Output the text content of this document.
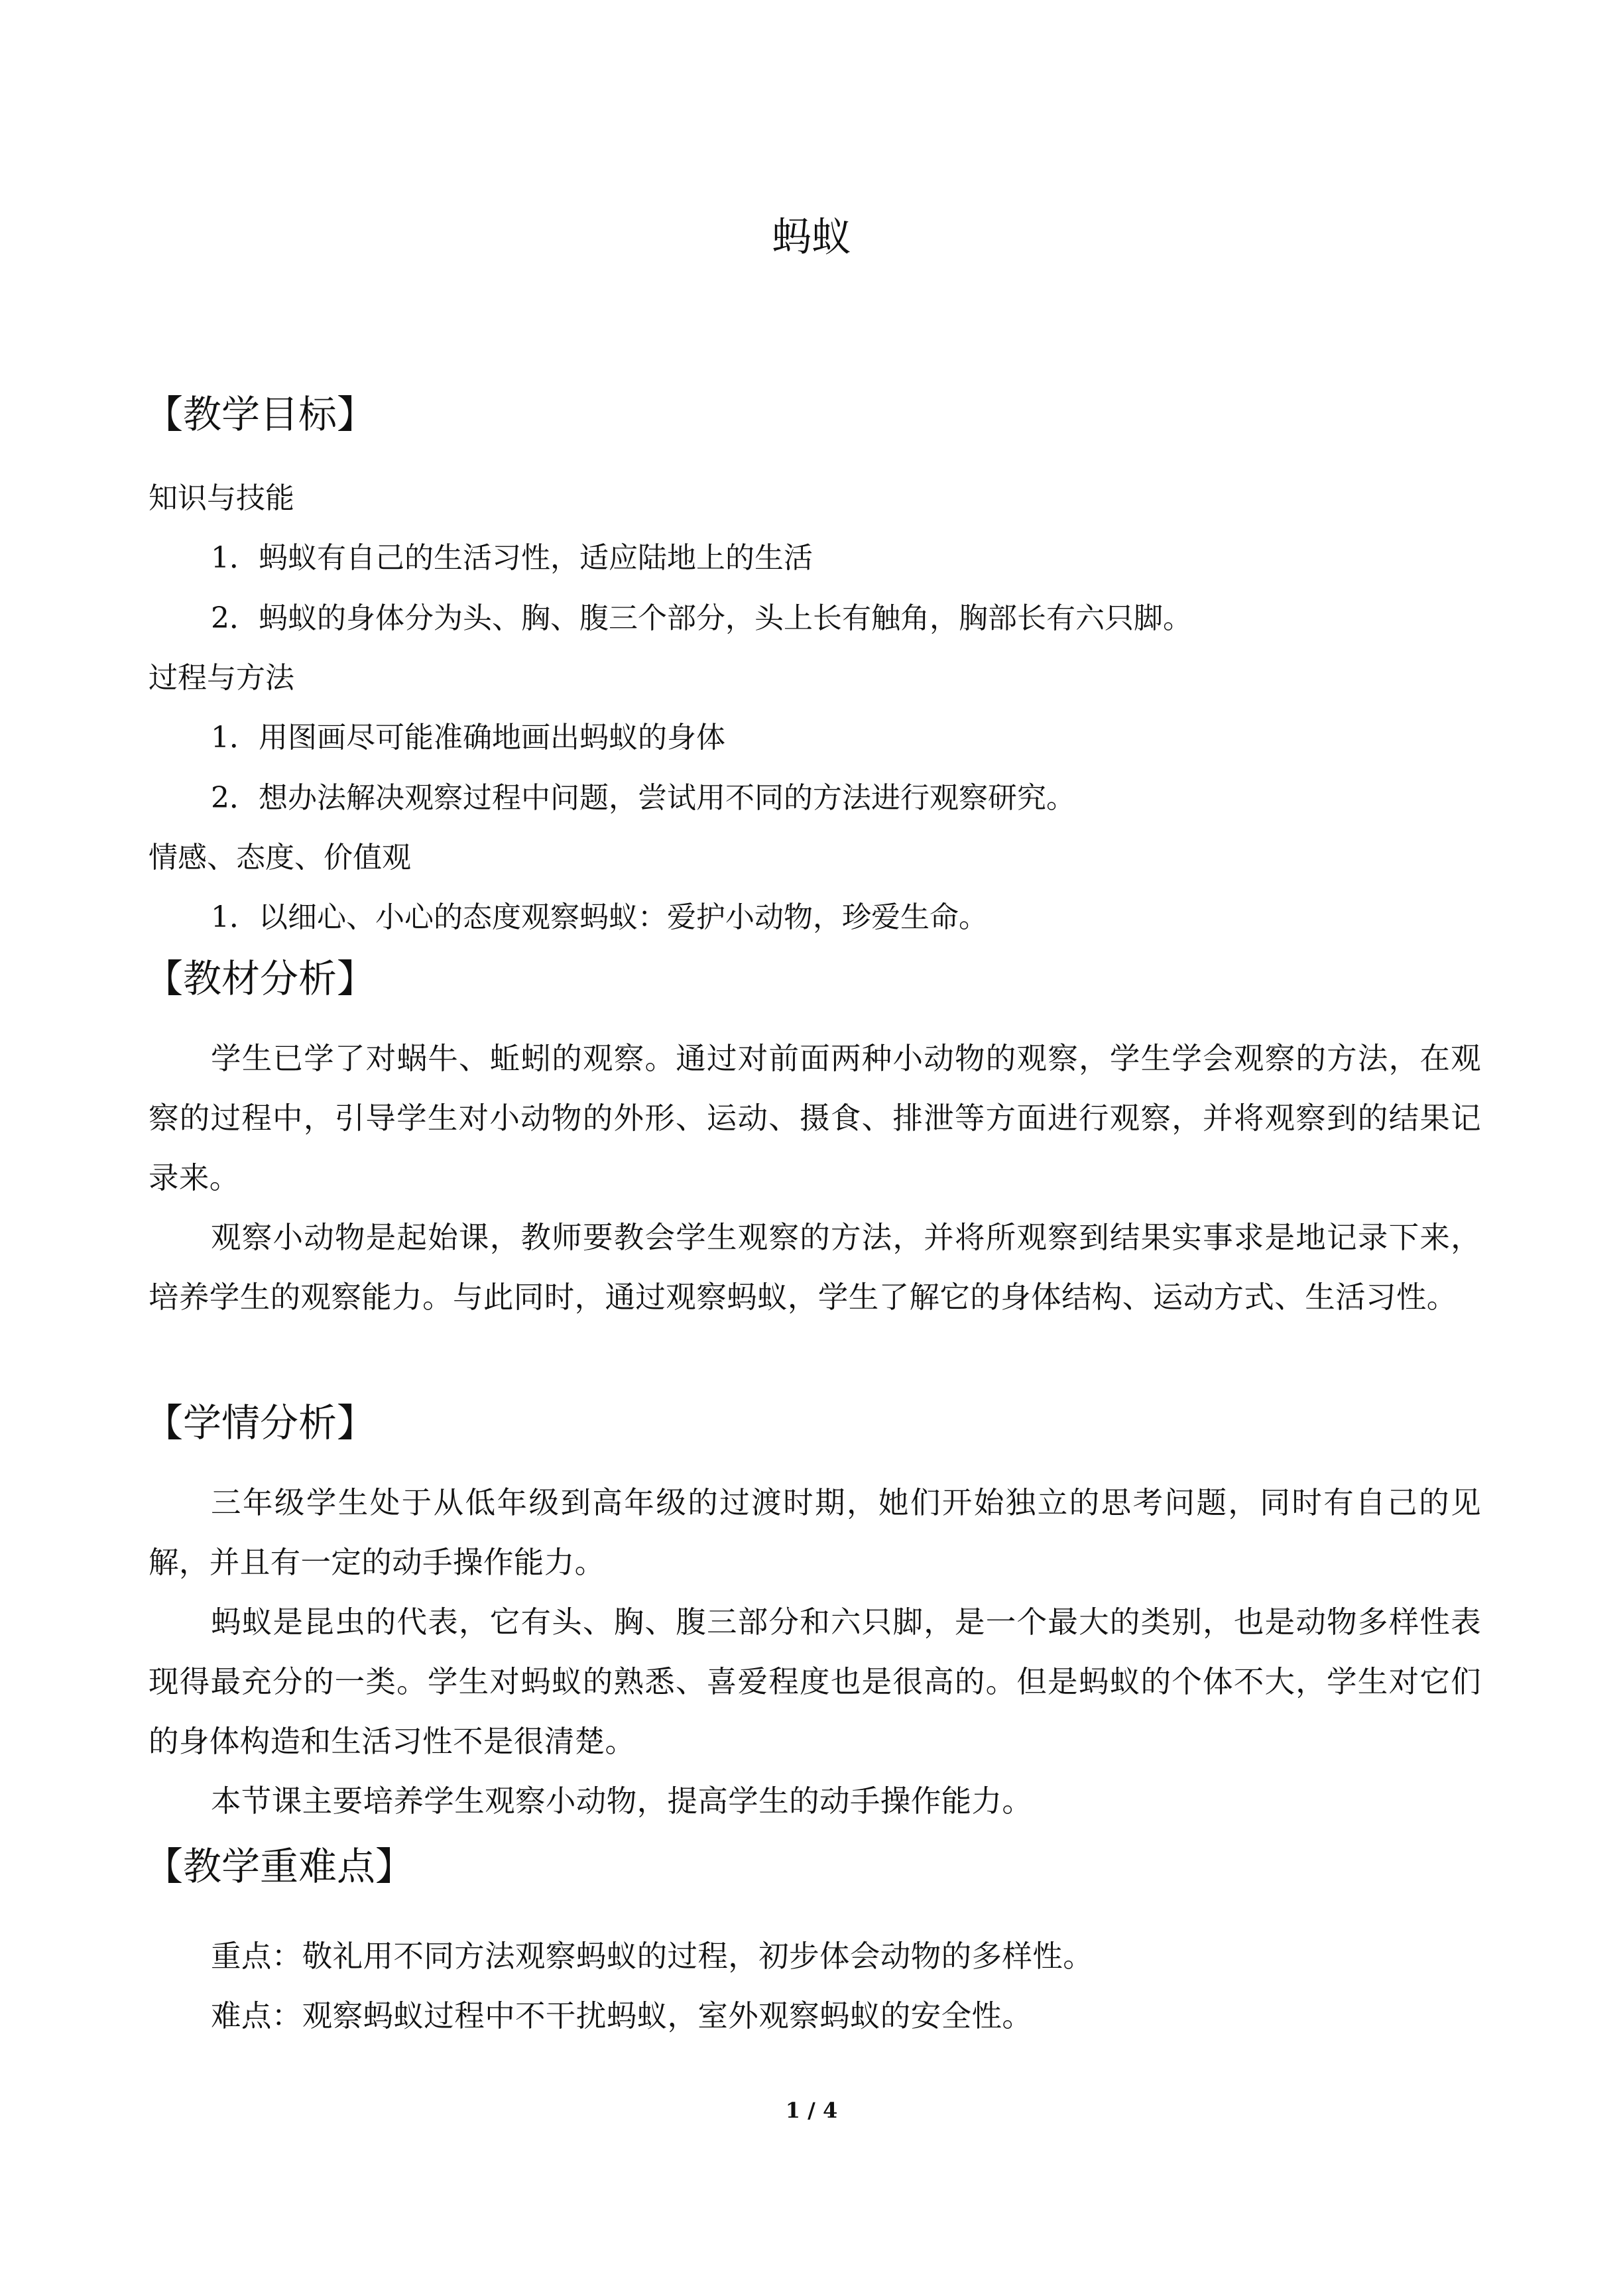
蚂蚁
【教学目标】

知识与技能

1．蚂蚁有自己的生活习性，适应陆地上的生活

2．蚂蚁的身体分为头、胸、腹三个部分，头上长有触角，胸部长有六只脚。

过程与方法

1．用图画尽可能准确地画出蚂蚁的身体

2．想办法解决观察过程中问题，尝试用不同的方法进行观察研究。

情感、态度、价值观

1．以细心、小心的态度观察蚂蚁：爱护小动物，珍爱生命。

【教材分析】

学生已学了对蜗牛、蚯蚓的观察。通过对前面两种小动物的观察，学生学会观察的方法，在观察的过程中，引导学生对小动物的外形、运动、摄食、排泄等方面进行观察，并将观察到的结果记录来。

观察小动物是起始课，教师要教会学生观察的方法，并将所观察到结果实事求是地记录下来，培养学生的观察能力。与此同时，通过观察蚂蚁，学生了解它的身体结构、运动方式、生活习性。

【学情分析】

三年级学生处于从低年级到高年级的过渡时期，她们开始独立的思考问题，同时有自己的见解，并且有一定的动手操作能力。

蚂蚁是昆虫的代表，它有头、胸、腹三部分和六只脚，是一个最大的类别，也是动物多样性表现得最充分的一类。学生对蚂蚁的熟悉、喜爱程度也是很高的。但是蚂蚁的个体不大，学生对它们的身体构造和生活习性不是很清楚。

本节课主要培养学生观察小动物，提高学生的动手操作能力。

【教学重难点】

重点：敬礼用不同方法观察蚂蚁的过程，初步体会动物的多样性。

难点：观察蚂蚁过程中不干扰蚂蚁，室外观察蚂蚁的安全性。

1 / 4
